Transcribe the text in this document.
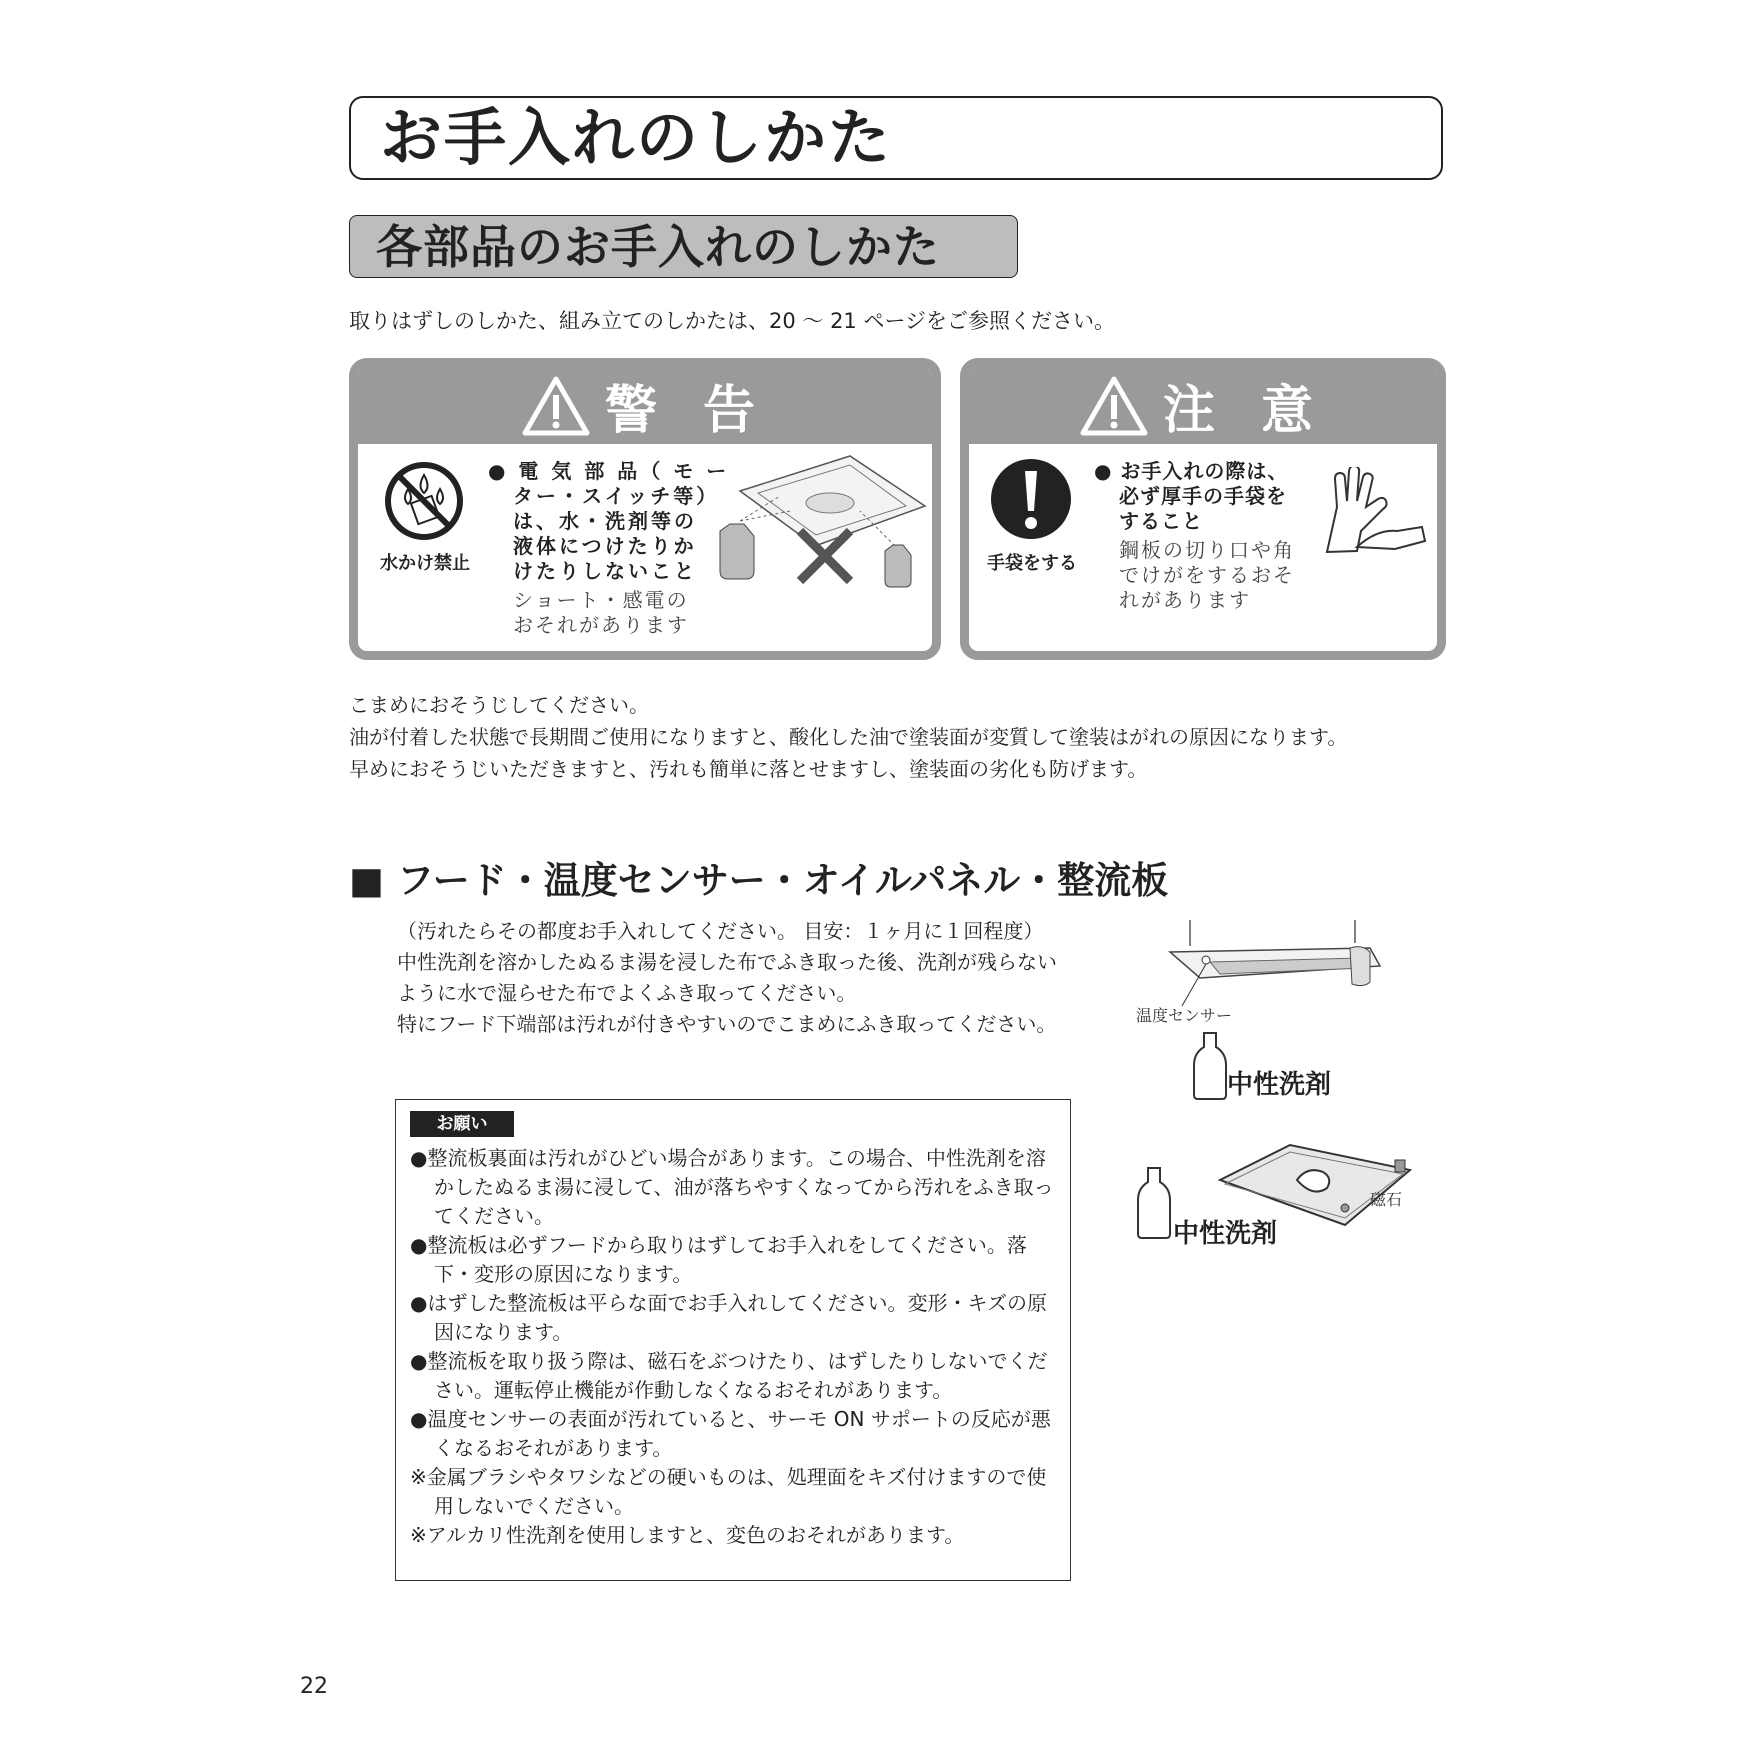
お手入れのしかた
各部品のお手入れのしかた
取りはずしのしかた、組み立てのしかたは、20 ～ 21 ページをご参照ください。
警 告
水かけ禁止
● 電 気 部 品（ モ ー
ター・スイッチ等）
は、水・洗剤等の
液体につけたりか
けたりしないこと
ショート・感電の
おそれがあります
注 意
手袋をする
● お手入れの際は、
必ず厚手の手袋を
すること
鋼板の切り口や角
でけがをするおそ
れがあります
こまめにおそうじしてください。
油が付着した状態で長期間ご使用になりますと、酸化した油で塗装面が変質して塗装はがれの原因になります。
早めにおそうじいただきますと、汚れも簡単に落とせますし、塗装面の劣化も防げます。
■ フード・温度センサー・オイルパネル・整流板
（汚れたらその都度お手入れしてください。 目安：１ヶ月に１回程度）
中性洗剤を溶かしたぬるま湯を浸した布でふき取った後、洗剤が残らない
ように水で湿らせた布でよくふき取ってください。
特にフード下端部は汚れが付きやすいのでこまめにふき取ってください。	温度センサー
中性洗剤
磁石
中性洗剤
お願い
●整流板裏面は汚れがひどい場合があります。この場合、中性洗剤を溶かしたぬるま湯に浸して、油が落ちやすくなってから汚れをふき取ってください。
●整流板は必ずフードから取りはずしてお手入れをしてください。落下・変形の原因になります。
●はずした整流板は平らな面でお手入れしてください。変形・キズの原因になります。
●整流板を取り扱う際は、磁石をぶつけたり、はずしたりしないでください。運転停止機能が作動しなくなるおそれがあります。
●温度センサーの表面が汚れていると、サーモ ON サポートの反応が悪くなるおそれがあります。
※金属ブラシやタワシなどの硬いものは、処理面をキズ付けますので使用しないでください。
※アルカリ性洗剤を使用しますと、変色のおそれがあります。
22
